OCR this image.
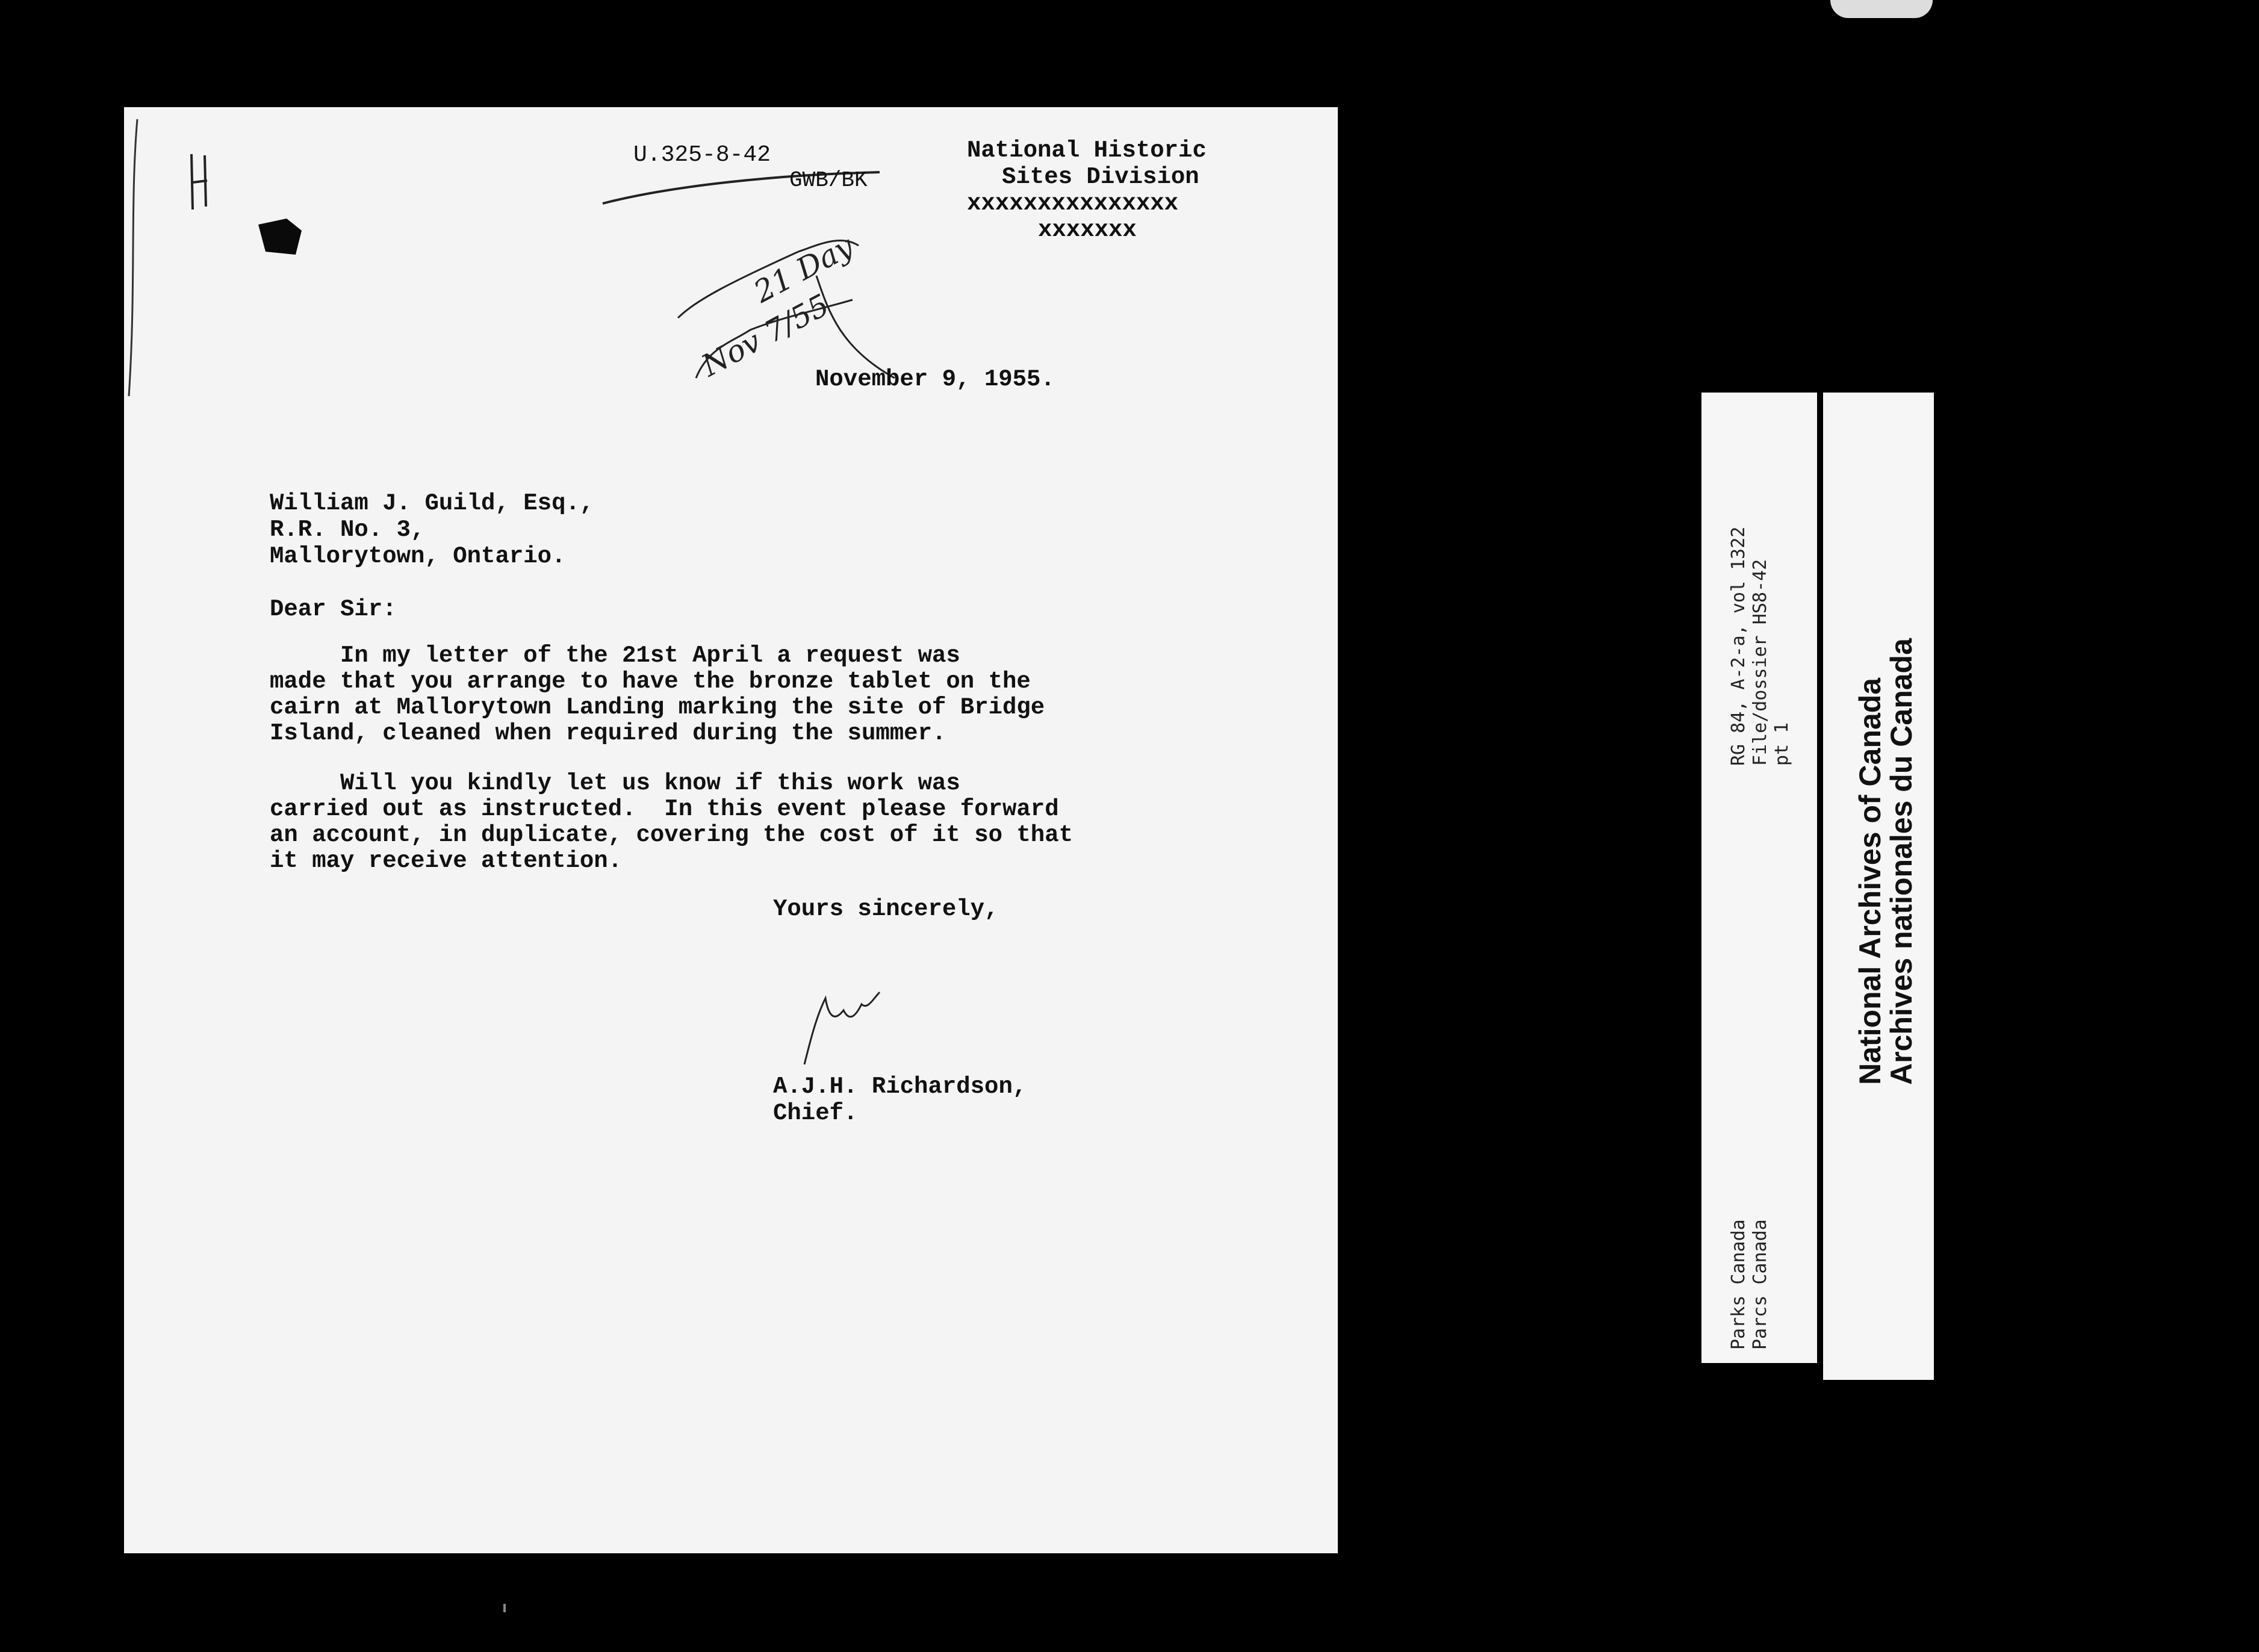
U.325-8-42
GWB/BK
National Historic
Sites Division
xxxxxxxxxxxxxxx
xxxxxxx
21 Day
Nov 7/55
November 9, 1955.
William J. Guild, Esq.,
R.R. No. 3,
Mallorytown, Ontario.
Dear Sir:
In my letter of the 21st April a request was
made that you arrange to have the bronze tablet on the
cairn at Mallorytown Landing marking the site of Bridge
Island, cleaned when required during the summer.
Will you kindly let us know if this work was
carried out as instructed.  In this event please forward
an account, in duplicate, covering the cost of it so that
it may receive attention.
Yours sincerely,
A.J.H. Richardson,
Chief.
RG 84, A-2-a, vol 1322 File/dossier HS8-42 pt 1
Parks Canada Parcs Canada
National Archives of Canada
Archives nationales du Canada
